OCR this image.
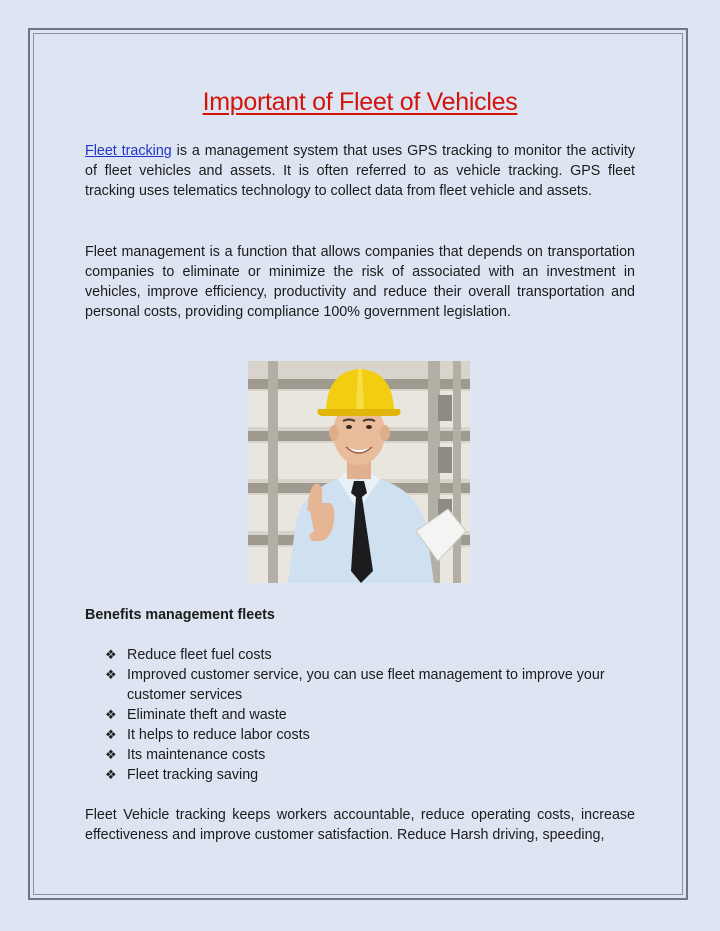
Important of Fleet of Vehicles

Fleet tracking is a management system that uses GPS tracking to monitor the activity of fleet vehicles and assets. It is often referred to as vehicle tracking. GPS fleet tracking uses telematics technology to collect data from fleet vehicle and assets.

Fleet management is a function that allows companies that depends on transportation companies to eliminate or minimize the risk of associated with an investment in vehicles, improve efficiency, productivity and reduce their overall transportation and personal costs, providing compliance 100% government legislation.

Benefits management fleets
❖ Reduce fleet fuel costs
❖ Improved customer service, you can use fleet management to improve your customer services
❖ Eliminate theft and waste
❖ It helps to reduce labor costs
❖ Its maintenance costs
❖ Fleet tracking saving

Fleet Vehicle tracking keeps workers accountable, reduce operating costs, increase effectiveness and improve customer satisfaction. Reduce Harsh driving, speeding,
